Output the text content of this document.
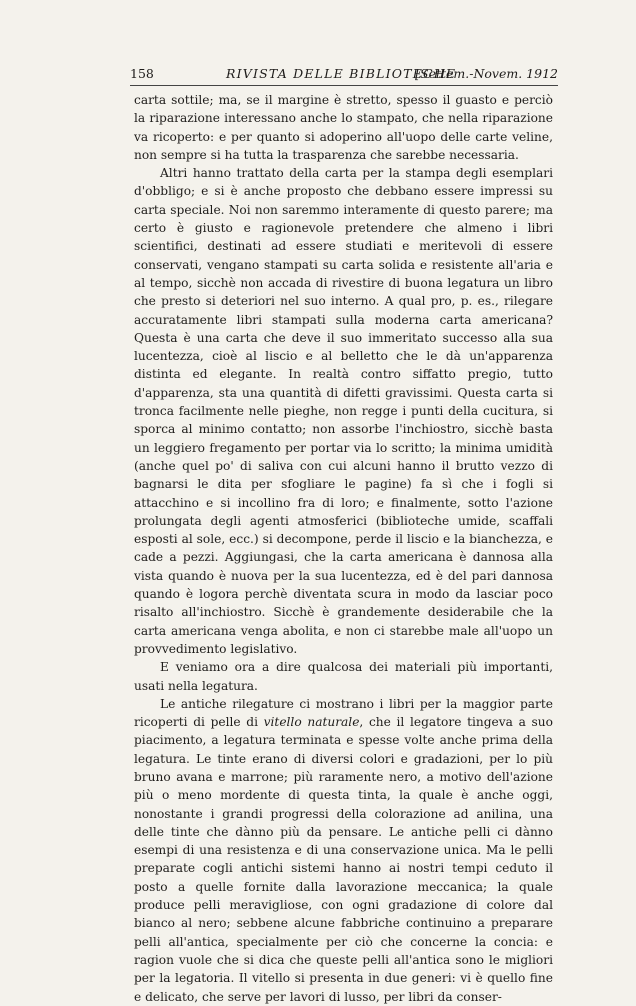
158	RIVISTA DELLE BIBLIOTECHE
[Settem.-Novem. 1912

carta sottile; ma, se il margine è stretto, spesso il guasto e perciò la riparazione interessano anche lo stampato, che nella riparazione va ricoperto: e per quanto si adoperino all'uopo delle carte veline, non sempre si ha tutta la trasparenza che sarebbe necessaria.

Altri hanno trattato della carta per la stampa degli esemplari d'obbligo; e si è anche proposto che debbano essere impressi su carta speciale. Noi non saremmo interamente di questo parere; ma certo è giusto e ragionevole pretendere che almeno i libri scientifici, destinati ad essere studiati e meritevoli di essere conservati, vengano stampati su carta solida e resistente all'aria e al tempo, sicchè non accada di rivestire di buona legatura un libro che presto si deteriori nel suo interno. A qual pro, p. es., rilegare accuratamente libri stampati sulla moderna carta americana? Questa è una carta che deve il suo immeritato successo alla sua lucentezza, cioè al liscio e al belletto che le dà un'apparenza distinta ed elegante. In realtà contro siffatto pregio, tutto d'apparenza, sta una quantità di difetti gravissimi. Questa carta si tronca facilmente nelle pieghe, non regge i punti della cucitura, si sporca al minimo contatto; non assorbe l'inchiostro, sicchè basta un leggiero fregamento per portar via lo scritto; la minima umidità (anche quel po' di saliva con cui alcuni hanno il brutto vezzo di bagnarsi le dita per sfogliare le pagine) fa sì che i fogli si attacchino e si incollino fra di loro; e finalmente, sotto l'azione prolungata degli agenti atmosferici (biblioteche umide, scaffali esposti al sole, ecc.) si decompone, perde il liscio e la bianchezza, e cade a pezzi. Aggiungasi, che la carta americana è dannosa alla vista quando è nuova per la sua lucentezza, ed è del pari dannosa quando è logora perchè diventata scura in modo da lasciar poco risalto all'inchiostro. Sicchè è grandemente desiderabile che la carta americana venga abolita, e non ci starebbe male all'uopo un provvedimento legislativo.

E veniamo ora a dire qualcosa dei materiali più importanti, usati nella legatura.

Le antiche rilegature ci mostrano i libri per la maggior parte ricoperti di pelle di vitello naturale, che il legatore tingeva a suo piacimento, a legatura terminata e spesse volte anche prima della legatura. Le tinte erano di diversi colori e gradazioni, per lo più bruno avana e marrone; più raramente nero, a motivo dell'azione più o meno mordente di questa tinta, la quale è anche oggi, nonostante i grandi progressi della colorazione ad anilina, una delle tinte che dànno più da pensare. Le antiche pelli ci dànno esempi di una resistenza e di una conservazione unica. Ma le pelli preparate cogli antichi sistemi hanno ai nostri tempi ceduto il posto a quelle fornite dalla lavorazione meccanica; la quale produce pelli meravigliose, con ogni gradazione di colore dal bianco al nero; sebbene alcune fabbriche continuino a preparare pelli all'antica, specialmente per ciò che concerne la concia: e ragion vuole che si dica che queste pelli all'antica sono le migliori per la legatoria. Il vitello si presenta in due generi: vi è quello fine e delicato, che serve per lavori di lusso, per libri da conser-
